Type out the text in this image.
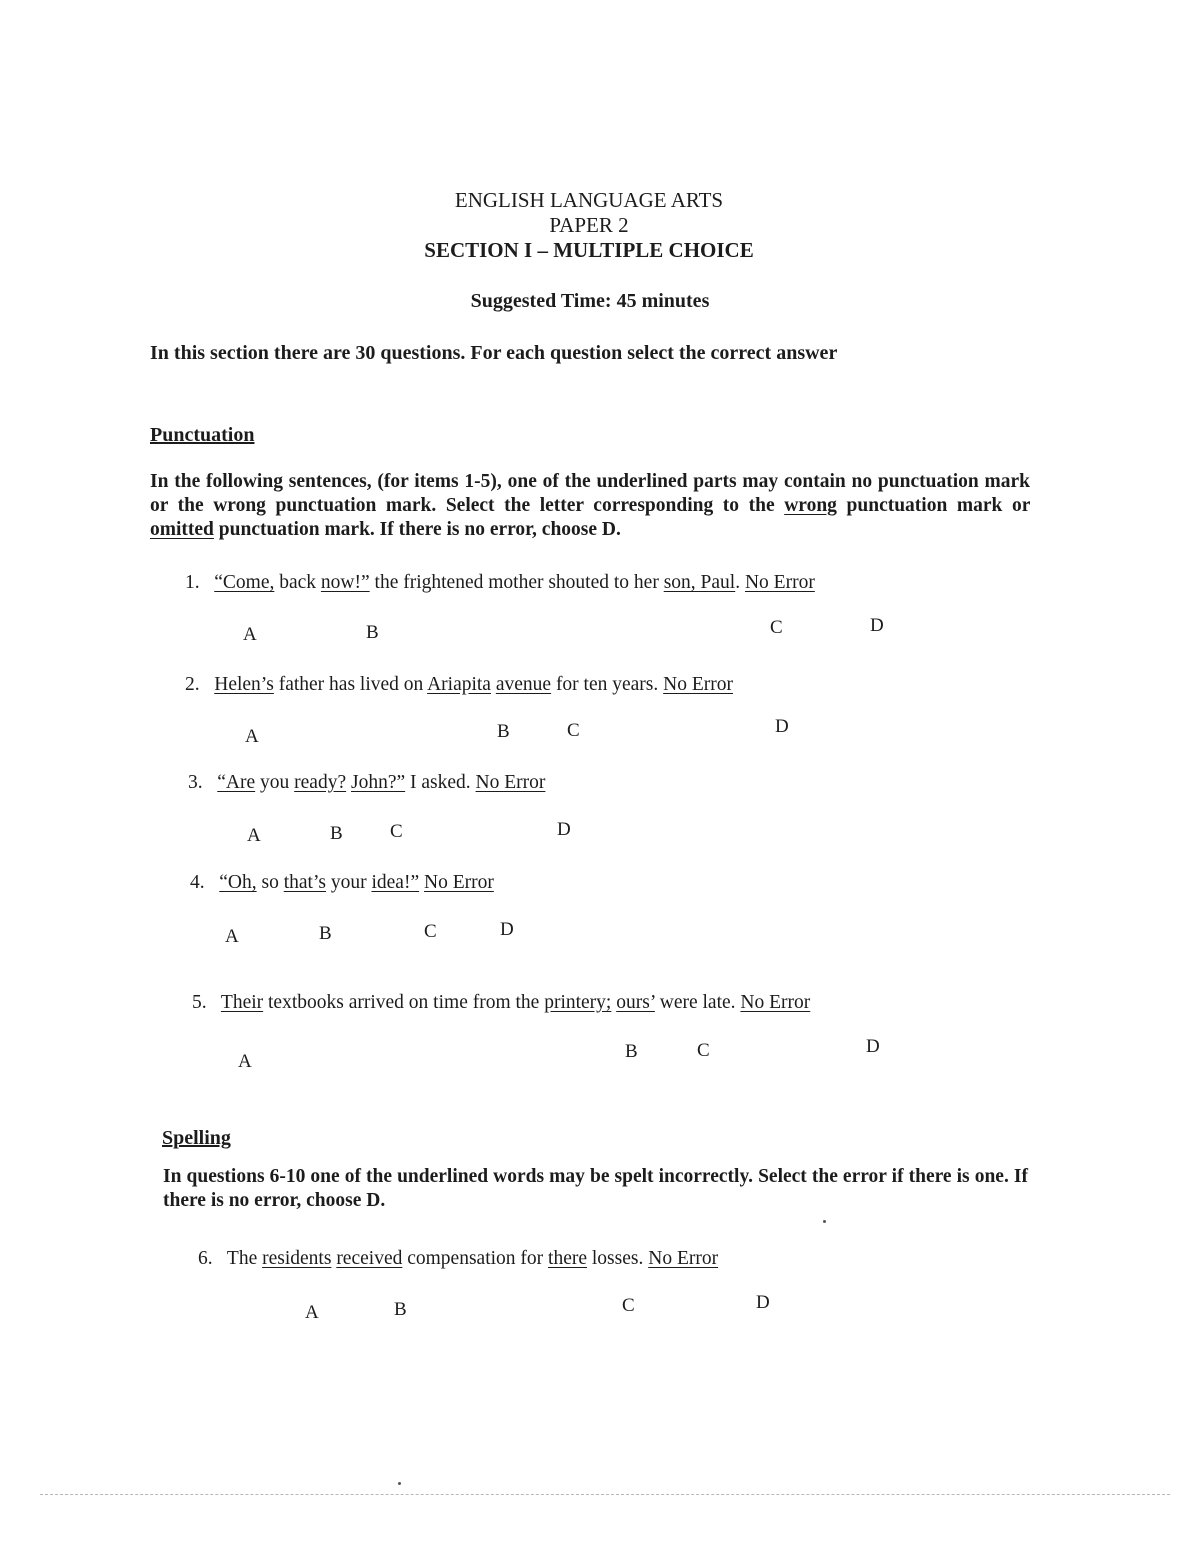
ENGLISH LANGUAGE ARTS
PAPER 2
SECTION I – MULTIPLE CHOICE
Suggested Time: 45 minutes
In this section there are 30 questions. For each question select the correct answer
Punctuation
In the following sentences, (for items 1-5), one of the underlined parts may contain no punctuation mark or the wrong punctuation mark. Select the letter corresponding to the wrong punctuation mark or omitted punctuation mark. If there is no error, choose D.
1. “Come, back now!” the frightened mother shouted to her son, Paul. No Error
A	B	C	D
2. Helen’s father has lived on Ariapita avenue for ten years. No Error
A	B	C	D
3. “Are you ready? John?” I asked. No Error
A	B C	D
4. “Oh, so that’s your idea!” No Error
A	B	C	D
5. Their textbooks arrived on time from the printery; ours’ were late. No Error
A	B	C	D
Spelling
In questions 6-10 one of the underlined words may be spelt incorrectly. Select the error if there is one. If there is no error, choose D.
6. The residents received compensation for there losses. No Error
A	B	C	D
